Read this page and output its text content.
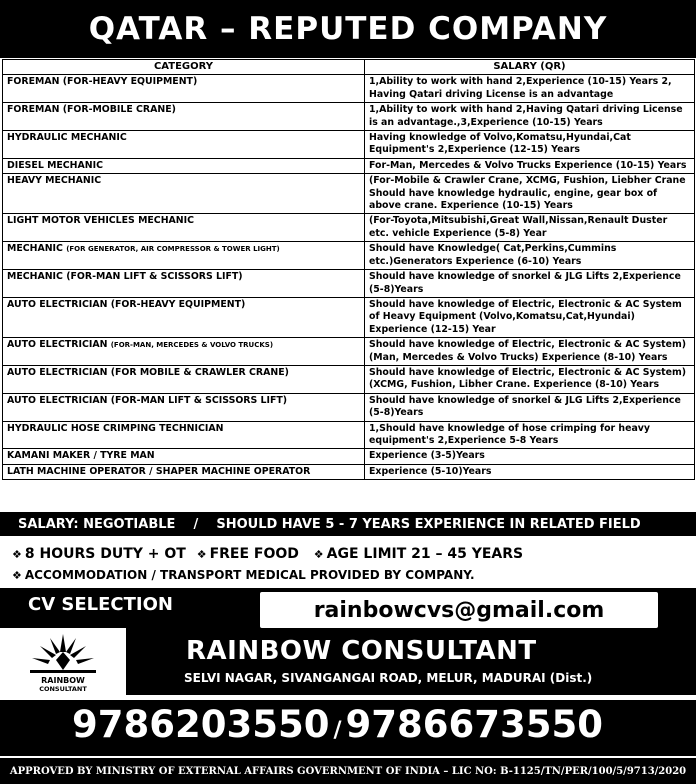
QATAR – REPUTED COMPANY
CATEGORY	SALARY (QR)
FOREMAN (FOR-HEAVY EQUIPMENT)	1,Ability to work with hand 2,Experience (10-15) Years 2, Having Qatari driving License is an advantage
FOREMAN (FOR-MOBILE CRANE)	1,Ability to work with hand 2,Having Qatari driving License is an advantage.,3,Experience (10-15) Years
HYDRAULIC MECHANIC	Having knowledge of Volvo,Komatsu,Hyundai,Cat Equipment's 2,Experience (12-15) Years
DIESEL MECHANIC	For-Man, Mercedes & Volvo Trucks Experience (10-15) Years
HEAVY MECHANIC	(For-Mobile & Crawler Crane, XCMG, Fushion, Liebher Crane Should have knowledge hydraulic, engine, gear box of above crane. Experience (10-15) Years
LIGHT MOTOR VEHICLES MECHANIC	(For-Toyota,Mitsubishi,Great Wall,Nissan,Renault Duster etc. vehicle Experience (5-8) Year
MECHANIC (FOR GENERATOR, AIR COMPRESSOR & TOWER LIGHT)	Should have Knowledge( Cat,Perkins,Cummins etc.)Generators Experience (6-10) Years
MECHANIC (FOR-MAN LIFT & SCISSORS LIFT)	Should have knowledge of snorkel & JLG Lifts 2,Experience (5-8)Years
AUTO ELECTRICIAN (FOR-HEAVY EQUIPMENT)	Should have knowledge of Electric, Electronic & AC System of Heavy Equipment (Volvo,Komatsu,Cat,Hyundai) Experience (12-15) Year
AUTO ELECTRICIAN (FOR-MAN, MERCEDES & VOLVO TRUCKS)	Should have knowledge of Electric, Electronic & AC System) (Man, Mercedes & Volvo Trucks) Experience (8-10) Years
AUTO ELECTRICIAN (FOR MOBILE & CRAWLER CRANE)	Should have knowledge of Electric, Electronic & AC System) (XCMG, Fushion, Libher Crane. Experience (8-10) Years
AUTO ELECTRICIAN (FOR-MAN LIFT & SCISSORS LIFT)	Should have knowledge of snorkel & JLG Lifts 2,Experience (5-8)Years
HYDRAULIC HOSE CRIMPING TECHNICIAN	1,Should have knowledge of hose crimping for heavy equipment's 2,Experience 5-8 Years
KAMANI MAKER / TYRE MAN	Experience (3-5)Years
LATH MACHINE OPERATOR / SHAPER MACHINE OPERATOR	Experience (5-10)Years
SALARY: NEGOTIABLE    /    SHOULD HAVE 5 - 7 YEARS EXPERIENCE IN RELATED FIELD
❖ 8 HOURS DUTY + OT ❖ FREE FOOD ❖ AGE LIMIT 21 – 45 YEARS
❖ ACCOMMODATION / TRANSPORT MEDICAL PROVIDED BY COMPANY.
CV SELECTION	rainbowcvs@gmail.com
RAINBOW
CONSULTANT
RAINBOW CONSULTANT
SELVI NAGAR, SIVANGANGAI ROAD, MELUR, MADURAI (Dist.)
9786203550 / 9786673550
APPROVED BY MINISTRY OF EXTERNAL AFFAIRS GOVERNMENT OF INDIA – LIC NO: B-1125/TN/PER/100/5/9713/2020
